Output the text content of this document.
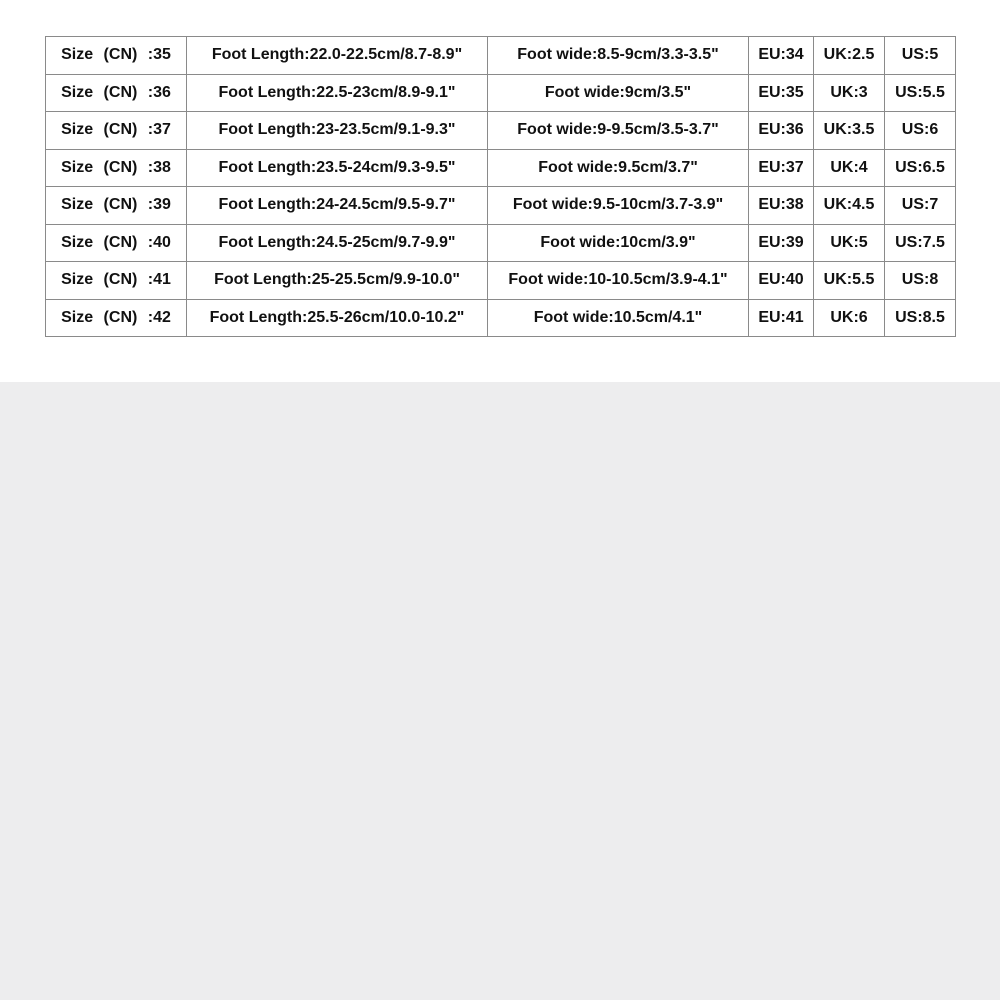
Size (CN) :35	Foot Length:22.0-22.5cm/8.7-8.9"	Foot wide:8.5-9cm/3.3-3.5"	EU:34	UK:2.5	US:5
Size (CN) :36	Foot Length:22.5-23cm/8.9-9.1"	Foot wide:9cm/3.5"	EU:35	UK:3	US:5.5
Size (CN) :37	Foot Length:23-23.5cm/9.1-9.3"	Foot wide:9-9.5cm/3.5-3.7"	EU:36	UK:3.5	US:6
Size (CN) :38	Foot Length:23.5-24cm/9.3-9.5"	Foot wide:9.5cm/3.7"	EU:37	UK:4	US:6.5
Size (CN) :39	Foot Length:24-24.5cm/9.5-9.7"	Foot wide:9.5-10cm/3.7-3.9"	EU:38	UK:4.5	US:7
Size (CN) :40	Foot Length:24.5-25cm/9.7-9.9"	Foot wide:10cm/3.9"	EU:39	UK:5	US:7.5
Size (CN) :41	Foot Length:25-25.5cm/9.9-10.0"	Foot wide:10-10.5cm/3.9-4.1"	EU:40	UK:5.5	US:8
Size (CN) :42	Foot Length:25.5-26cm/10.0-10.2"	Foot wide:10.5cm/4.1"	EU:41	UK:6	US:8.5
